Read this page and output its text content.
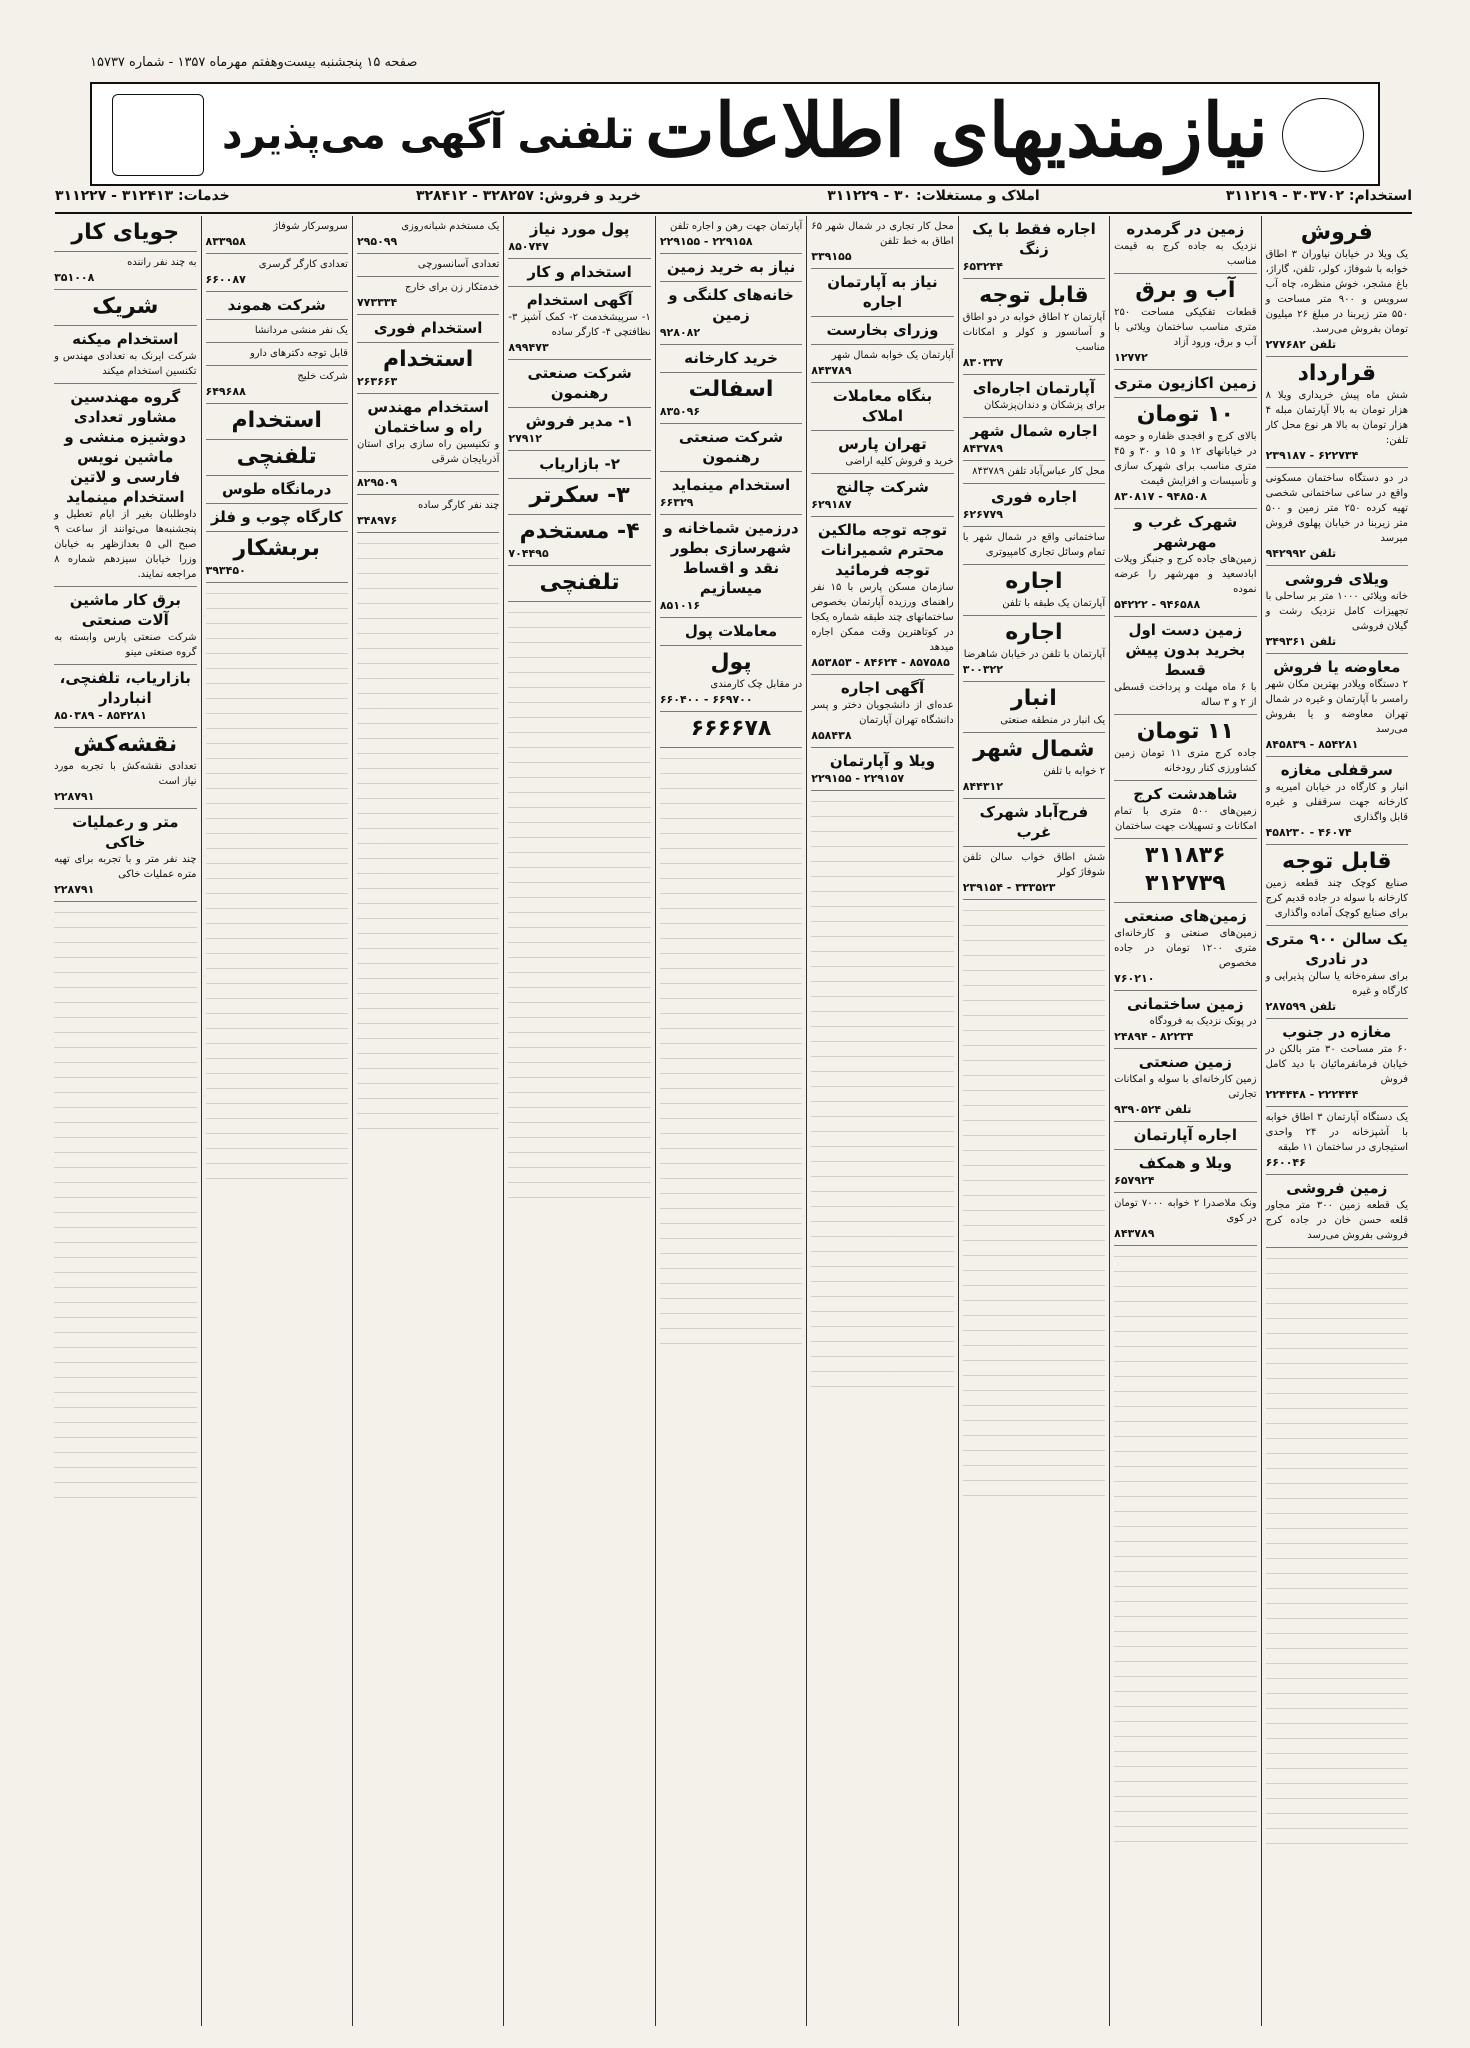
صفحه ۱۵ پنجشنبه بیست‌وهفتم مهرماه ۱۳۵۷ - شماره ۱۵۷۳۷
نیازمندیهای اطلاعات
تلفنی آگهی می‌پذیرد
استخدام: ۳۰۳۷۰۲ - ۳۱۱۲۱۹
املاک و مستغلات: ۳۰ - ۳۱۱۲۲۹
خرید و فروش: ۳۲۸۲۵۷ - ۳۲۸۴۱۲
خدمات: ۳۱۲۴۱۳ - ۳۱۱۲۲۷
فروش
یک ویلا در خیابان نیاوران ۳ اطاق خوابه با شوفاژ، کولر، تلفن، گاراژ، باغ مشجر، خوش منظره، چاه آب سرویس و ۹۰۰ متر مساحت و ۵۵۰ متر زیربنا در مبلغ ۲۶ میلیون تومان بفروش می‌رسد.
۲۷۷۶۸۲ تلفن
قرارداد
شش ماه پیش خریداری ویلا ۸ هزار تومان به بالا آپارتمان مبله ۴ هزار تومان به بالا هر نوع محل کار تلفن:
۲۳۹۱۸۷ - ۶۲۲۷۳۴
در دو دستگاه ساختمان مسکونی واقع در ساعی ساختمانی شخصی تهیه کرده ۲۵۰ متر زمین و ۵۰۰ متر زیربنا در خیابان پهلوی فروش میرسد
۹۴۲۹۹۲ تلفن
ویلای فروشی
خانه ویلائی ۱۰۰۰ متر بر ساحلی با تجهیزات کامل نزدیک رشت و گیلان فروشی
۳۴۹۳۶۱ تلفن
معاوضه یا فروش
۲ دستگاه ویلادر بهترین مکان شهر رامسر با آپارتمان و غیره در شمال تهران معاوضه و یا بفروش می‌رسد
۸۴۵۸۳۹ - ۸۵۴۲۸۱
سرقفلی مغازه
انبار و کارگاه در خیابان امیریه و کارخانه جهت سرقفلی و غیره قابل واگذاری
۴۵۸۲۳۰ - ۴۶۰۷۴
قابل توجه
صنایع کوچک چند قطعه زمین کارخانه با سوله در جاده قدیم کرج برای صنایع کوچک آماده واگذاری
یک سالن ۹۰۰ متری در نادری
برای سفره‌خانه یا سالن پذیرایی و کارگاه و غیره
۲۸۷۵۹۹ تلفن
مغازه در جنوب
۶۰ متر مساحت ۳۰ متر بالکن در خیابان فرمانفرمائیان با دید کامل فروش
۲۲۴۴۴۸ - ۲۲۲۴۴۴
یک دستگاه آپارتمان ۳ اطاق خوابه با آشپزخانه در ۲۴ واحدی استیجاری در ساختمان ۱۱ طبقه
۶۶۰۰۴۶
زمین فروشی
یک قطعه زمین ۳۰۰ متر مجاور قلعه حسن خان در جاده کرج فروشی بفروش می‌رسد
زمین در گرمدره
نزدیک به جاده کرج به قیمت مناسب
آب و برق
قطعات تفکیکی مساحت ۲۵۰ متری مناسب ساختمان ویلائی با آب و برق، ورود آزاد
۱۲۷۷۲
زمین اکازیون متری
۱۰ تومان
بالای کرج و افجدی ظفاره و حومه در خیابانهای ۱۲ و ۱۵ و ۳۰ و ۴۵ متری مناسب برای شهرک سازی و تأسیسات و افزایش قیمت
۸۳۰۸۱۷ - ۹۴۸۵۰۸
شهرک غرب و مهرشهر
زمین‌های جاده کرج و جنبگز ویلات ابادسعید و مهرشهر را عرضه نموده
۵۴۲۲۲ - ۹۴۶۵۸۸
زمین دست اول بخرید بدون پیش قسط
با ۶ ماه مهلت و پرداخت قسطی از ۲ و ۳ ساله
۱۱ تومان
جاده کرج متری ۱۱ تومان زمین کشاورزی کنار رودخانه
شاهدشت کرج
زمین‌های ۵۰۰ متری با تمام امکانات و تسهیلات جهت ساختمان
۳۱۱۸۳۶ ۳۱۲۷۳۹
زمین‌های صنعتی
زمین‌های صنعتی و کارخانه‌ای متری ۱۲۰۰ تومان در جاده مخصوص
۷۶۰۲۱۰
زمین ساختمانی
در پونک نزدیک به فرودگاه
۲۴۸۹۴ - ۸۲۲۳۴
زمین صنعتی
زمین کارخانه‌ای با سوله و امکانات تجارتی
۹۳۹۰۵۲۴ تلفن
اجاره آپارتمان
ویلا و همکف
۶۵۷۹۲۴
ونک ملاصدرا ۲ خوابه ۷۰۰۰ تومان در کوی
۸۴۳۷۸۹
اجاره فقط با یک زنگ
۶۵۳۲۴۴
قابل توجه
آپارتمان ۲ اطاق خوابه در دو اطاق و آسانسور و کولر و امکانات مناسب
۸۳۰۳۳۷
آپارتمان اجاره‌ای
برای پزشکان و دندان‌پزشکان
اجاره شمال شهر
۸۴۳۷۸۹
محل کار عباس‌آباد تلفن ۸۴۳۷۸۹
اجاره فوری
۶۲۶۷۷۹
ساختمانی واقع در شمال شهر با تمام وسائل تجاری کامپیوتری
اجاره
آپارتمان یک طبقه با تلفن
اجاره
آپارتمان با تلفن در خیابان شاهرضا
۳۰۰۳۲۲
انبار
یک انبار در منطقه صنعتی
شمال شهر
۲ خوابه با تلفن
۸۴۴۳۱۲
فرح‌آباد شهرک غرب
شش اطاق خواب سالن تلفن شوفاژ کولر
۲۳۹۱۵۴ - ۳۳۳۵۲۳
محل کار تجاری در شمال شهر ۶۵ اطاق به خط تلفن
۳۳۹۱۵۵
نیاز به آپارتمان اجاره
وزرای بخارست
آپارتمان یک خوابه شمال شهر
۸۴۳۷۸۹
بنگاه معاملات املاک
تهران پارس
خرید و فروش کلیه اراضی
شرکت چالنج
۶۲۹۱۸۷
توجه توجه مالکین محترم شمیرانات توجه فرمائید
سازمان مسکن پارس با ۱۵ نفر راهنمای ورزیده آپارتمان بخصوص ساختمانهای چند طبقه شماره یکجا در کوتاهترین وقت ممکن اجاره میدهد
۸۵۳۸۵۳ - ۸۴۶۲۴ - ۸۵۷۵۸۵
آگهی اجاره
عده‌ای از دانشجویان دختر و پسر دانشگاه تهران آپارتمان
۸۵۸۴۳۸
ویلا و آپارتمان
۲۲۹۱۵۵ - ۲۲۹۱۵۷
آپارتمان جهت رهن و اجاره تلفن
۲۲۹۱۵۵ - ۲۲۹۱۵۸
نیاز به خرید زمین
خانه‌های کلنگی و زمین
۹۲۸۰۸۲
خرید کارخانه
اسفالت
۸۳۵۰۹۶
شرکت صنعتی رهنمون
استخدام مینماید
۶۶۳۲۹
درزمین شماخانه و شهرسازی بطور نقد و اقساط میسازیم
۸۵۱۰۱۶
معاملات پول
پول
در مقابل چک کارمندی
۶۶۰۴۰۰ - ۶۶۹۷۰۰
۶۶۶۶۷۸
پول مورد نیاز
۸۵۰۷۴۷
استخدام و کار
آگهی استخدام
۱- سرپیشخدمت ۲- کمک آشپز ۳- نظافتچی ۴- کارگر ساده
۸۹۹۴۷۳
شرکت صنعتی رهنمون
۱- مدیر فروش
۲۷۹۱۲
۲- بازاریاب
۳- سکرتر
۴- مستخدم
۷۰۴۴۹۵
تلفنچی
یک مستخدم شبانه‌روزی
۲۹۵۰۹۹
تعدادی آسانسورچی
خدمتکار زن برای خارج
۷۷۳۳۳۴
استخدام فوری
استخدام
۲۶۳۶۶۳
استخدام مهندس راه و ساختمان
و تکنیسین راه سازی برای استان آذربایجان شرقی
۸۲۹۵۰۹
چند نفر کارگر ساده
۳۴۸۹۷۶
سروسرکار شوفاژ
۸۳۳۹۵۸
تعدادی کارگر گرسری
۶۶۰۰۸۷
شرکت هموند
یک نفر منشی مردانشا
قابل توجه دکترهای دارو
شرکت خلیج
۶۴۹۶۸۸
استخدام
تلفنچی
درمانگاه طوس
کارگاه چوب و فلز
بربشکار
۳۹۳۴۵۰
جویای کار
به چند نفر راننده
۳۵۱۰۰۸
شریک
استخدام میکنه
شرکت ایرنک به تعدادی مهندس و تکنسین استخدام میکند
گروه مهندسین مشاور تعدادی دوشیزه منشی و ماشین نویس فارسی و لاتین استخدام مینماید
داوطلبان بغیر از ایام تعطیل و پنجشنبه‌ها می‌توانند از ساعت ۹ صبح الی ۵ بعدازظهر به خیابان وزرا خیابان سیزدهم شماره ۸ مراجعه نمایند.
برق کار ماشین آلات صنعتی
شرکت صنعتی پارس وابسته به گروه صنعتی مینو
بازاریاب، تلفنچی، انباردار
۸۵۰۳۸۹ - ۸۵۴۲۸۱
نقشه‌کش
تعدادی نقشه‌کش با تجربه مورد نیاز است
۲۲۸۷۹۱
متر و رعملیات خاکی
چند نفر متر و با تجربه برای تهیه متره عملیات خاکی
۲۲۸۷۹۱
